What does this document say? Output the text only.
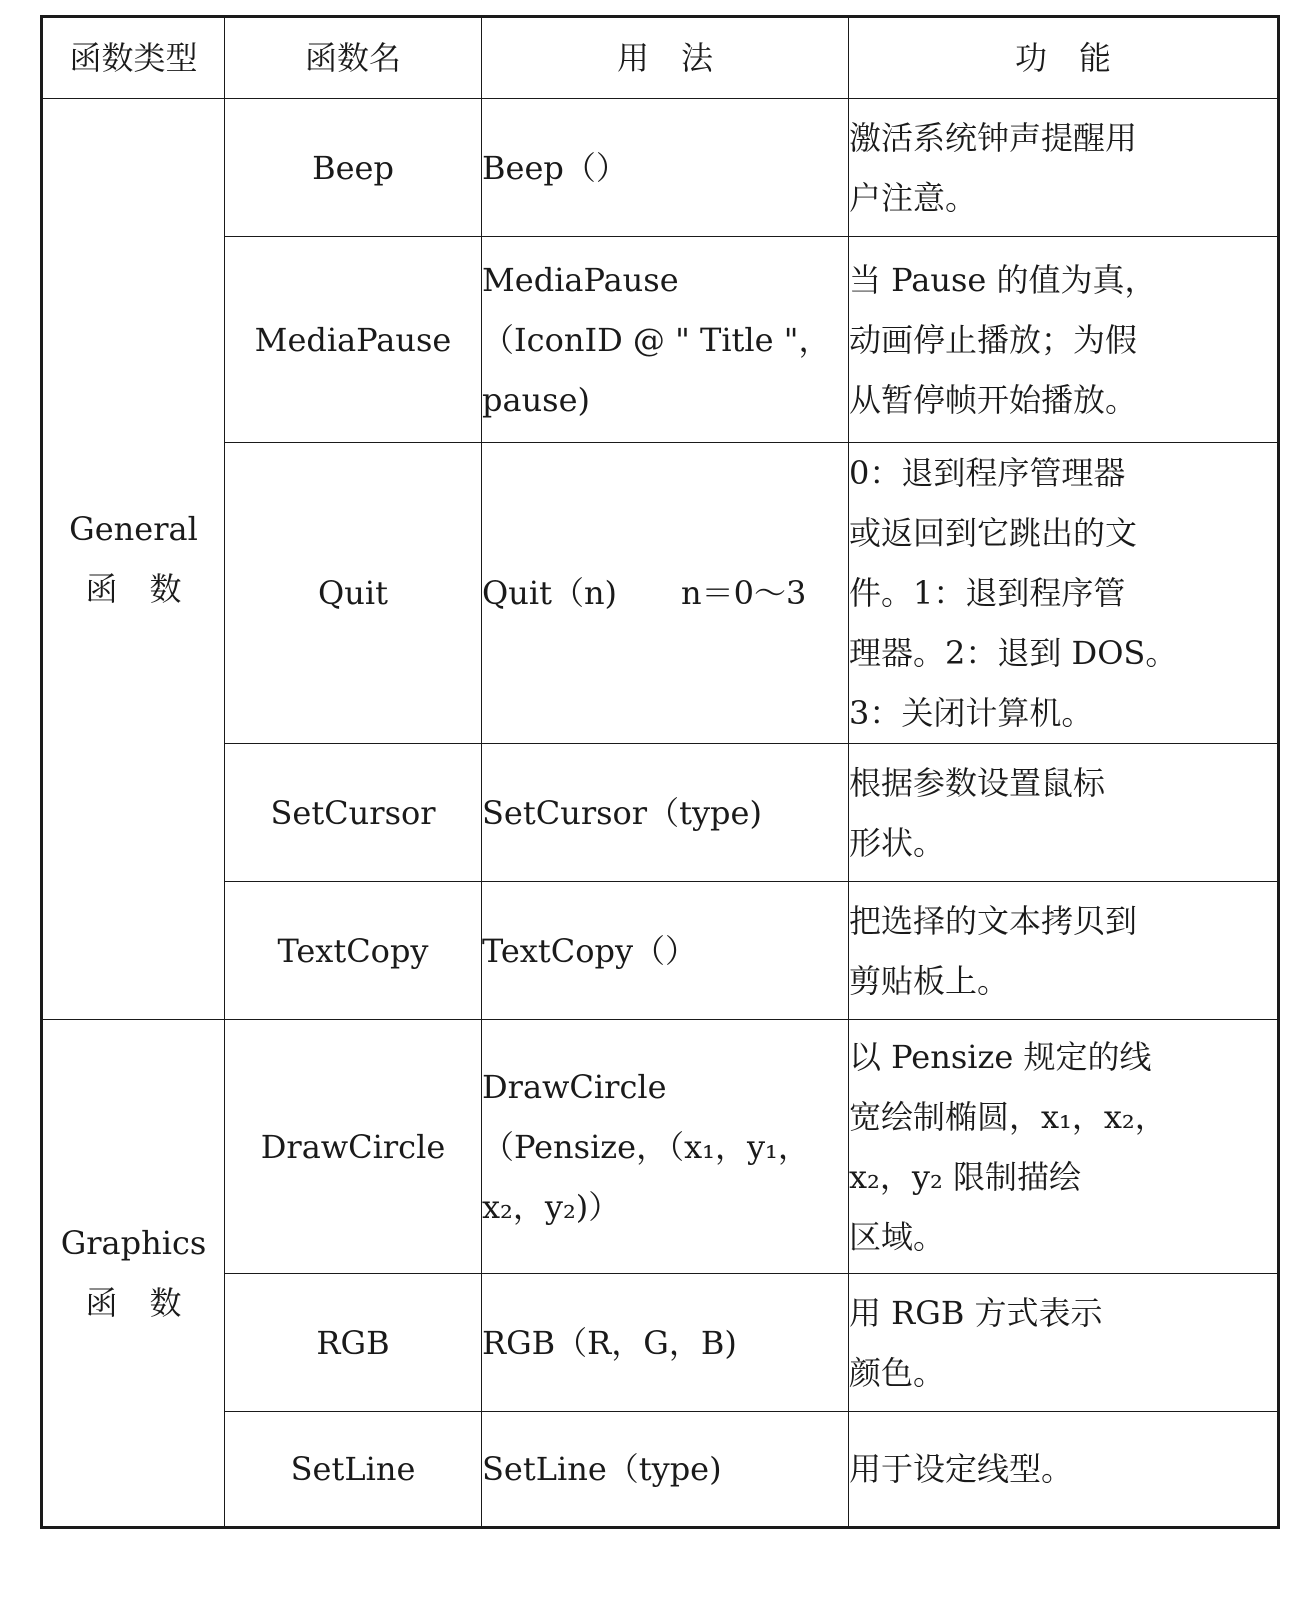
函数类型	函数名	用　法	功　能

General
函　数	Beep	Beep（）	激活系统钟声提醒用
户注意。

	MediaPause	MediaPause
（IconID @ " Title "，
pause)	当 Pause 的值为真，
动画停止播放；为假
从暂停帧开始播放。

	Quit	Quit（n)　　n＝0～3	0：退到程序管理器
或返回到它跳出的文
件。1：退到程序管
理器。2：退到 DOS。
3：关闭计算机。

	SetCursor	SetCursor（type)	根据参数设置鼠标
形状。

	TextCopy	TextCopy（）	把选择的文本拷贝到
剪贴板上。

Graphics
函　数	DrawCircle	DrawCircle
（Pensize，（x₁，y₁，
x₂，y₂)）	以 Pensize 规定的线
宽绘制椭圆，x₁，x₂，
x₂，y₂ 限制描绘
区域。

	RGB	RGB（R，G，B)	用 RGB 方式表示
颜色。

	SetLine	SetLine（type)	用于设定线型。
